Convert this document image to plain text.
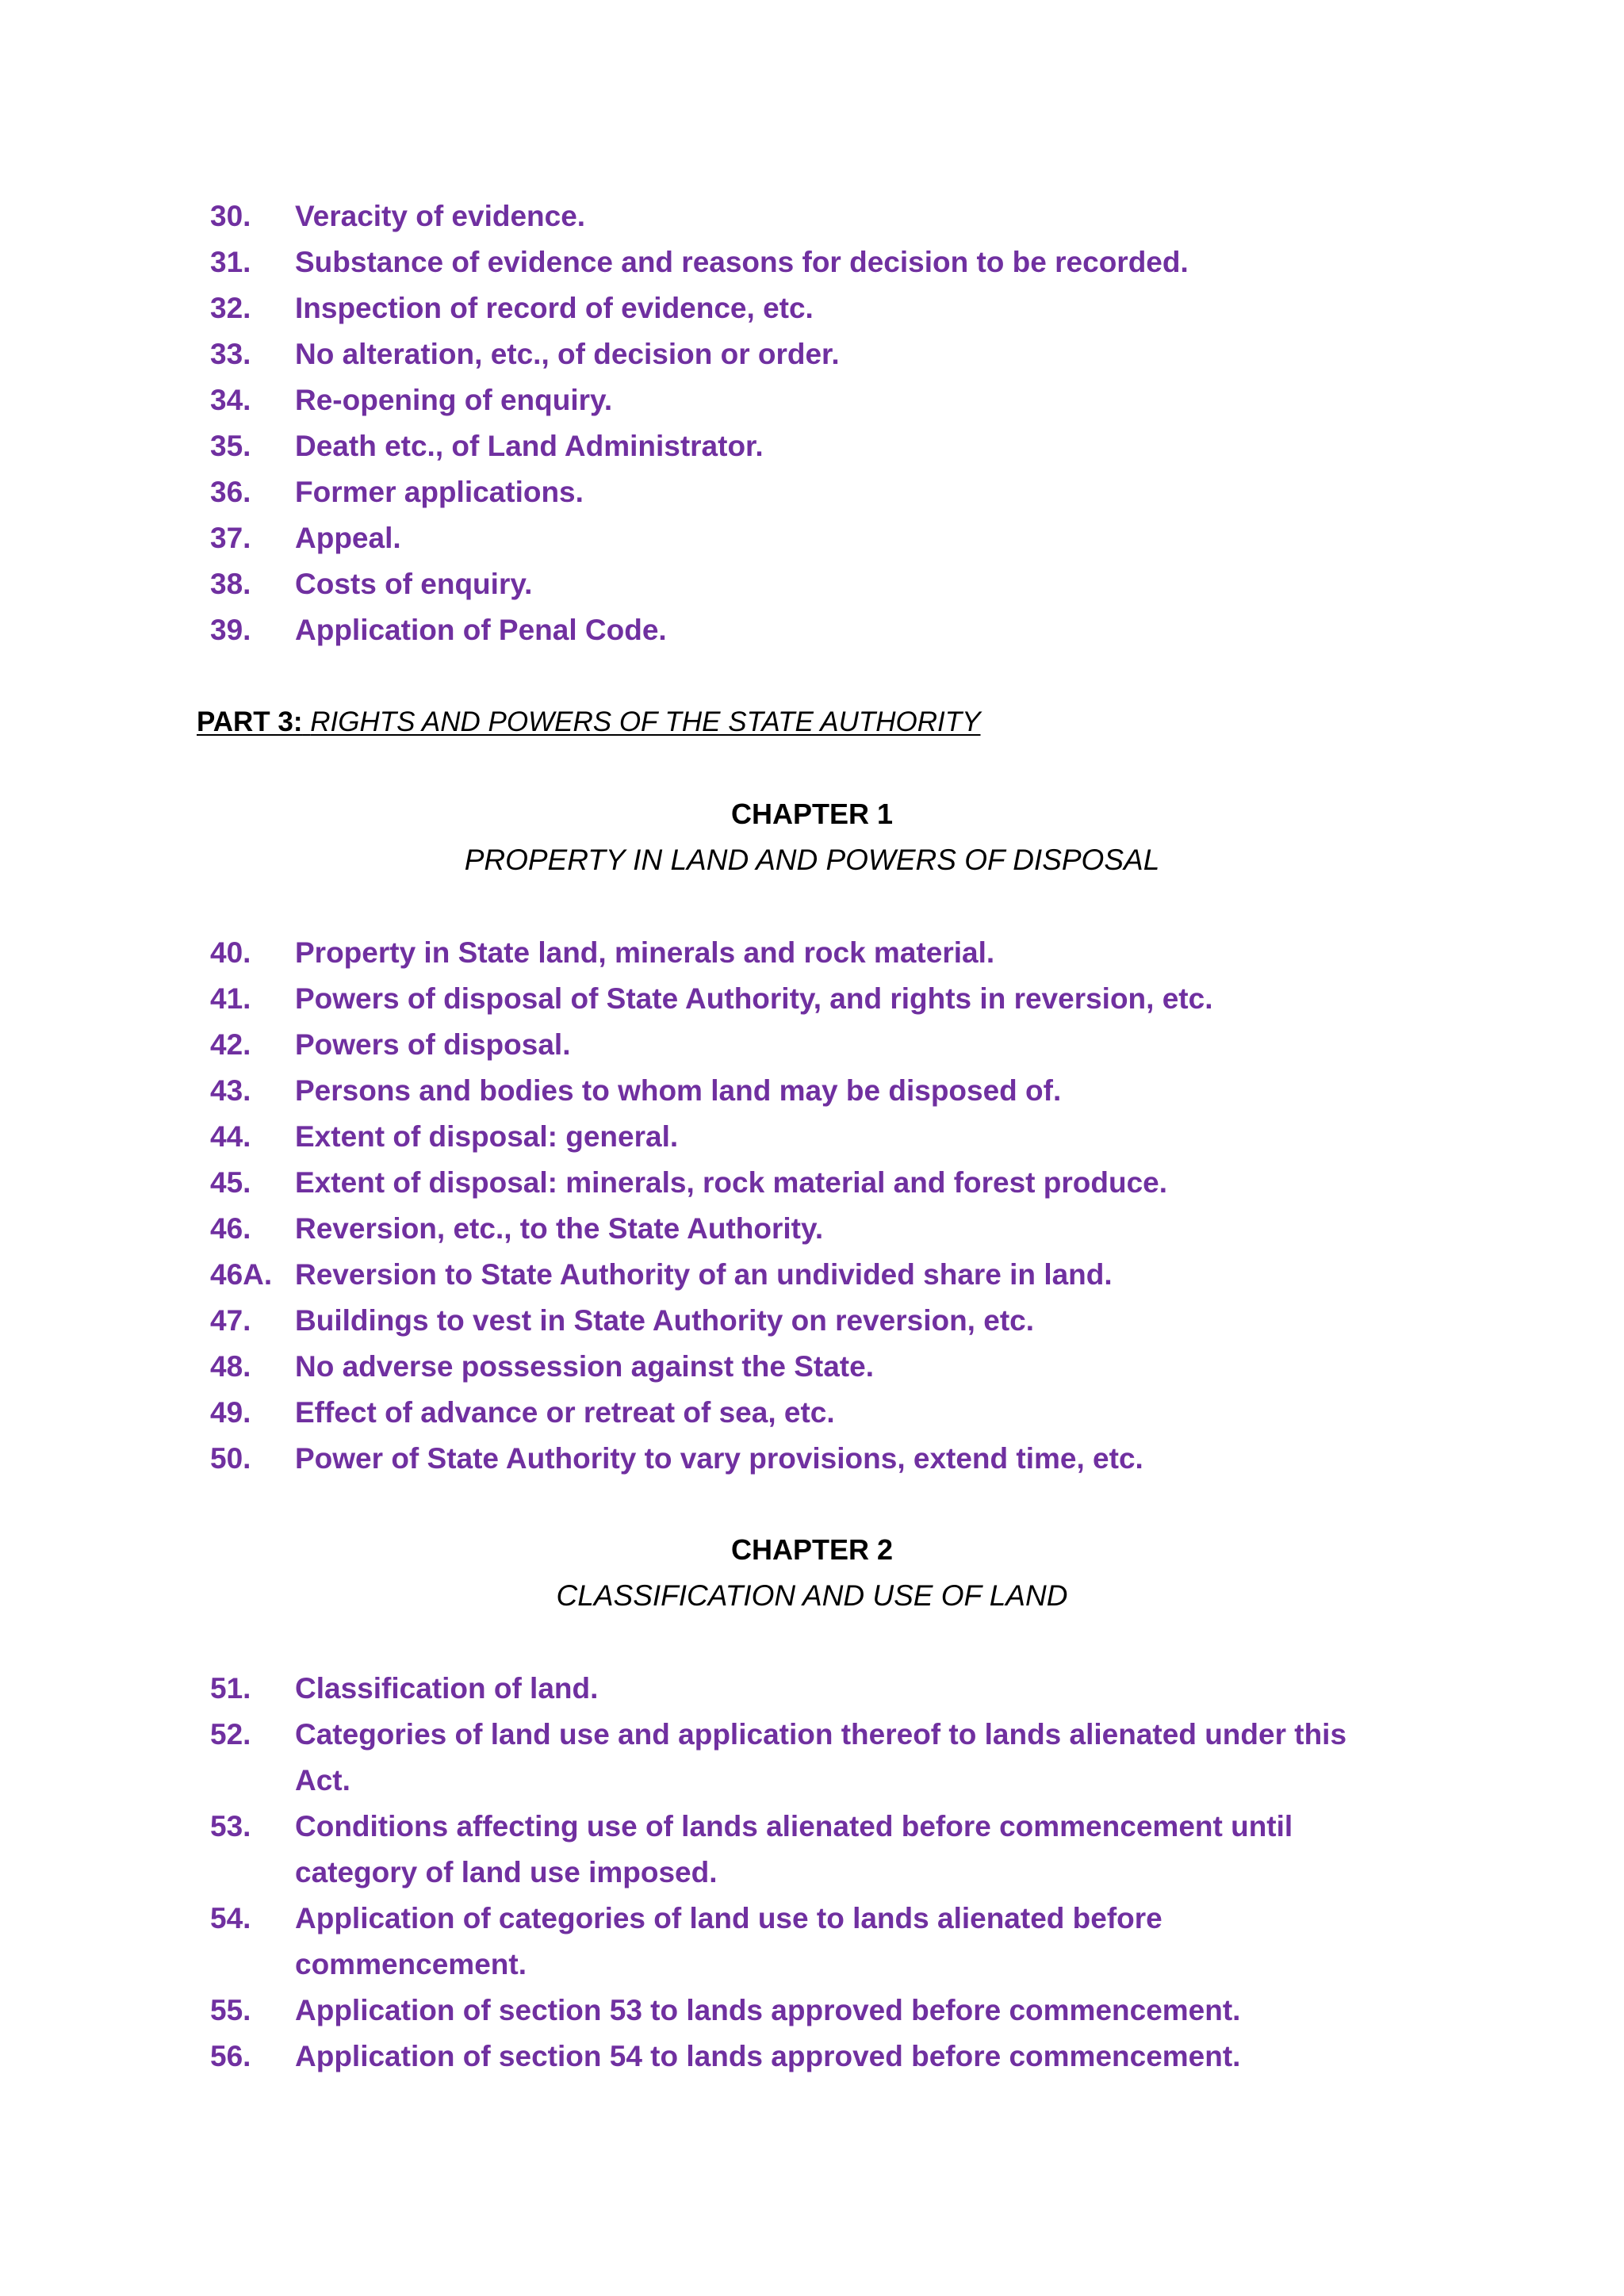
30.	Veracity of evidence.
31.	Substance of evidence and reasons for decision to be recorded.
32.	Inspection of record of evidence, etc.
33.	No alteration, etc., of decision or order.
34.	Re-opening of enquiry.
35.	Death etc., of Land Administrator.
36.	Former applications.
37.	Appeal.
38.	Costs of enquiry.
39.	Application of Penal Code.
PART 3: RIGHTS AND POWERS OF THE STATE AUTHORITY
CHAPTER 1
PROPERTY IN LAND AND POWERS OF DISPOSAL
40.	Property in State land, minerals and rock material.
41.	Powers of disposal of State Authority, and rights in reversion, etc.
42.	Powers of disposal.
43.	Persons and bodies to whom land may be disposed of.
44.	Extent of disposal: general.
45.	Extent of disposal: minerals, rock material and forest produce.
46.	Reversion, etc., to the State Authority.
46A. Reversion to State Authority of an undivided share in land.
47.	Buildings to vest in State Authority on reversion, etc.
48.	No adverse possession against the State.
49.	Effect of advance or retreat of sea, etc.
50.	Power of State Authority to vary provisions, extend time, etc.
CHAPTER 2
CLASSIFICATION AND USE OF LAND
51.	Classification of land.
52.	Categories of land use and application thereof to lands alienated under this Act.
53.	Conditions affecting use of lands alienated before commencement until category of land use imposed.
54.	Application of categories of land use to lands alienated before commencement.
55.	Application of section 53 to lands approved before commencement.
56.	Application of section 54 to lands approved before commencement.
